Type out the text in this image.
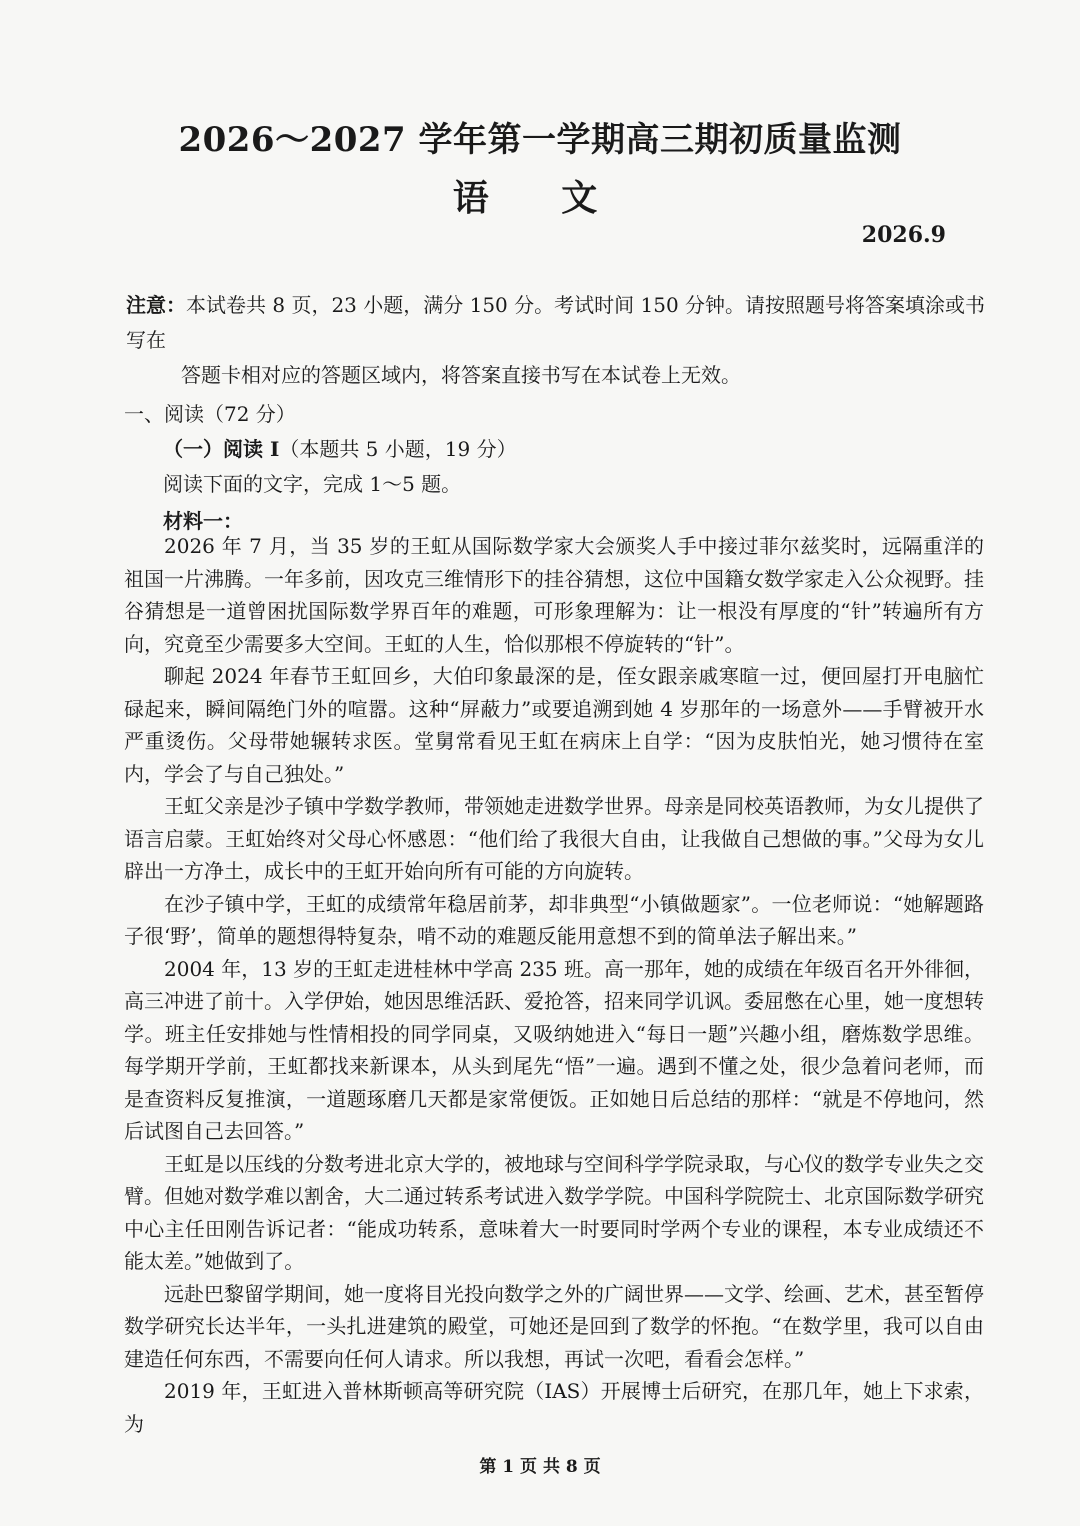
2026～2027 学年第一学期高三期初质量监测
语 文
2026.9
注意：本试卷共 8 页，23 小题，满分 150 分。考试时间 150 分钟。请按照题号将答案填涂或书写在
答题卡相对应的答题区域内，将答案直接书写在本试卷上无效。
一、阅读（72 分）
（一）阅读 I（本题共 5 小题，19 分）
阅读下面的文字，完成 1～5 题。
材料一：

2026 年 7 月，当 35 岁的王虹从国际数学家大会颁奖人手中接过菲尔兹奖时，远隔重洋的祖国一片沸腾。一年多前，因攻克三维情形下的挂谷猜想，这位中国籍女数学家走入公众视野。挂谷猜想是一道曾困扰国际数学界百年的难题，可形象理解为：让一根没有厚度的“针”转遍所有方向，究竟至少需要多大空间。王虹的人生，恰似那根不停旋转的“针”。

聊起 2024 年春节王虹回乡，大伯印象最深的是，侄女跟亲戚寒暄一过，便回屋打开电脑忙碌起来，瞬间隔绝门外的喧嚣。这种“屏蔽力”或要追溯到她 4 岁那年的一场意外——手臂被开水严重烫伤。父母带她辗转求医。堂舅常看见王虹在病床上自学：“因为皮肤怕光，她习惯待在室内，学会了与自己独处。”

王虹父亲是沙子镇中学数学教师，带领她走进数学世界。母亲是同校英语教师，为女儿提供了语言启蒙。王虹始终对父母心怀感恩：“他们给了我很大自由，让我做自己想做的事。”父母为女儿辟出一方净土，成长中的王虹开始向所有可能的方向旋转。

在沙子镇中学，王虹的成绩常年稳居前茅，却非典型“小镇做题家”。一位老师说：“她解题路子很‘野’，简单的题想得特复杂，啃不动的难题反能用意想不到的简单法子解出来。”

2004 年，13 岁的王虹走进桂林中学高 235 班。高一那年，她的成绩在年级百名开外徘徊，高三冲进了前十。入学伊始，她因思维活跃、爱抢答，招来同学讥讽。委屈憋在心里，她一度想转学。班主任安排她与性情相投的同学同桌，又吸纳她进入“每日一题”兴趣小组，磨炼数学思维。每学期开学前，王虹都找来新课本，从头到尾先“悟”一遍。遇到不懂之处，很少急着问老师，而是查资料反复推演，一道题琢磨几天都是家常便饭。正如她日后总结的那样：“就是不停地问，然后试图自己去回答。”

王虹是以压线的分数考进北京大学的，被地球与空间科学学院录取，与心仪的数学专业失之交臂。但她对数学难以割舍，大二通过转系考试进入数学学院。中国科学院院士、北京国际数学研究中心主任田刚告诉记者：“能成功转系，意味着大一时要同时学两个专业的课程，本专业成绩还不能太差。”她做到了。

远赴巴黎留学期间，她一度将目光投向数学之外的广阔世界——文学、绘画、艺术，甚至暂停数学研究长达半年，一头扎进建筑的殿堂，可她还是回到了数学的怀抱。“在数学里，我可以自由建造任何东西，不需要向任何人请求。所以我想，再试一次吧，看看会怎样。”

2019 年，王虹进入普林斯顿高等研究院（IAS）开展博士后研究，在那几年，她上下求索，为

第 1 页 共 8 页
